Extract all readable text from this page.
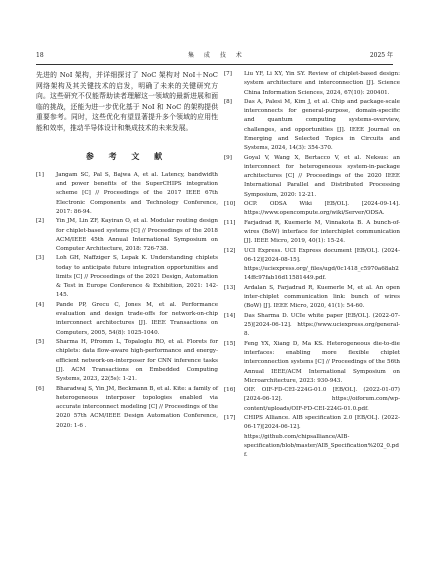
18	集 成 技 术	2025 年

先进的 NoI 架构，并详细探讨了 NoC 架构对 NoI＋NoC 网络架构及其关键技术的启发，明确了未来的关键研究方向。这些研究不仅能帮助读者理解这一领域的最新进展和面临的挑战，还能为进一步优化基于 NoI 和 NoC 的架构提供重要参考。同时，这些优化有望显著提升多个领域的应用性能和效率，推动半导体设计和集成技术的未来发展。

参 考 文 献
[1]	Jangam SC, Pal S, Bajwa A, et al. Latency, bandwidth and power benefits of the SuperCHIPS integration scheme [C] // Proceedings of the 2017 IEEE 67th Electronic Components and Technology Conference, 2017: 86-94.
[2]	Yin JM, Lin ZF, Kayiran O, et al. Modular routing design for chiplet-based systems [C] // Proceedings of the 2018 ACM/IEEE 45th Annual International Symposium on Computer Architecture, 2018: 726-738.
[3]	Loh GH, Naffziger S, Lepak K. Understanding chiplets today to anticipate future integration opportunities and limits [C] // Proceedings of the 2021 Design, Automation & Test in Europe Conference & Exhibition, 2021: 142-145.
[4]	Pande PP, Grecu C, Jones M, et al. Performance evaluation and design trade-offs for network-on-chip interconnect architectures [J]. IEEE Transactions on Computers, 2005, 54(8): 1025-1040.
[5]	Sharma H, Pfromm L, Topaloglu RO, et al. Florets for chiplets: data flow-aware high-performance and energy-efficient network-on-interposer for CNN inference tasks [J]. ACM Transactions on Embedded Computing Systems, 2023, 22(5s): 1-21.
[6]	Bharadwaj S, Yin JM, Beckmann B, et al. Kite: a family of heterogeneous interposer topologies enabled via accurate interconnect modeling [C] // Proceedings of the 2020 57th ACM/IEEE Design Automation Conference, 2020: 1-6 .
[7]	Liu YF, Li XY, Yin SY. Review of chiplet-based design: system architecture and interconnection [J]. Science China Information Sciences, 2024, 67(10): 200401.
[8]	Das A, Palesi M, Kim J, et al. Chip and package-scale interconnects for general-purpose, domain-specific and quantum computing systems-overview, challenges, and opportunities [J]. IEEE Journal on Emerging and Selected Topics in Circuits and Systems, 2024, 14(3): 354-370.
[9]	Goyal V, Wang X, Bertacco V, et al. Neksus: an interconnect for heterogeneous system-in-package architectures [C] // Proceedings of the 2020 IEEE International Parallel and Distributed Processing Symposium, 2020: 12-21.
[10]	OCP. ODSA Wiki [EB/OL]. [2024-09-14]. https://www.opencompute.org/wiki/Server/ODSA.
[11]	Farjadrad R, Kuemerle M, Vinnakota B. A bunch-of-wires (BoW) interface for interchiplet communication [J]. IEEE Micro, 2019, 40(1): 15-24.
[12]	UCI Express. UCI Express document [EB/OL]. (2024-06-12)[2024-08-15]. https://uciexpress.org/_files/ugd/0c1418_c5970a68ab214ffc97fab16d11581449.pdf.
[13]	Ardalan S, Farjadrad R, Kuemerle M, et al. An open inter-chiplet communication link: bunch of wires (BoW) [J]. IEEE Micro, 2020, 41(1): 54-60.
[14]	Das Sharma D. UCIe white paper [EB/OL]. (2022-07-25)[2024-06-12]. https://www.uciexpress.org/general-8.
[15]	Feng YX, Xiang D, Ma KS. Heterogeneous die-to-die interfaces: enabling more flexible chiplet interconnection systems [C] // Proceedings of the 56th Annual IEEE/ACM International Symposium on Microarchitecture, 2023: 930-943.
[16]	OIF. OIF-FD-CEI-224G-01.0 [EB/OL]. (2022-01-07)[2024-06-12]. https://oiforum.com/wp-content/uploads/OIF-FD-CEI-224G-01.0.pdf.
[17]	CHIPS Alliance. AIB specification 2.0 [EB/OL]. (2022-06-17)[2024-06-12]. https://github.com/chipsalliance/AIB-specification/blob/master/AIB_Specification%202_0.pdf.
